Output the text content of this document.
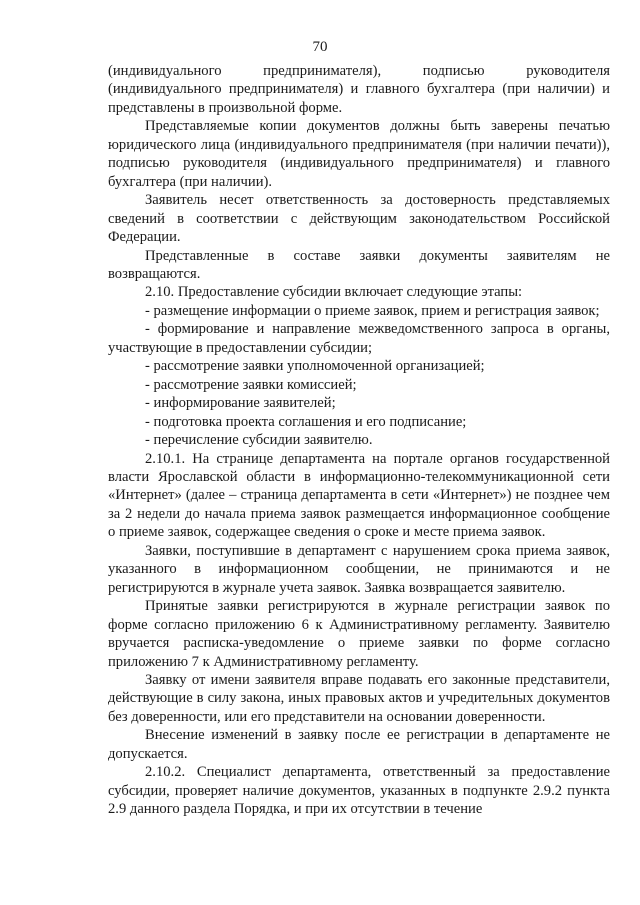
70

(индивидуального предпринимателя), подписью руководителя (индивидуального предпринимателя) и главного бухгалтера (при наличии) и представлены в произвольной форме.

Представляемые копии документов должны быть заверены печатью юридического лица (индивидуального предпринимателя (при наличии печати)), подписью руководителя (индивидуального предпринимателя) и главного бухгалтера (при наличии).

Заявитель несет ответственность за достоверность представляемых сведений в соответствии с действующим законодательством Российской Федерации.

Представленные в составе заявки документы заявителям не возвращаются.

2.10. Предоставление субсидии включает следующие этапы:

- размещение информации о приеме заявок, прием и регистрация заявок;

- формирование и направление межведомственного запроса в органы, участвующие в предоставлении субсидии;

- рассмотрение заявки уполномоченной организацией;

- рассмотрение заявки комиссией;

- информирование заявителей;

- подготовка проекта соглашения и его подписание;

- перечисление субсидии заявителю.

2.10.1. На странице департамента на портале органов государственной власти Ярославской области в информационно-телекоммуникационной сети «Интернет» (далее – страница департамента в сети «Интернет») не позднее чем за 2 недели до начала приема заявок размещается информационное сообщение о приеме заявок, содержащее сведения о сроке и месте приема заявок.

Заявки, поступившие в департамент с нарушением срока приема заявок, указанного в информационном сообщении, не принимаются и не регистрируются в журнале учета заявок. Заявка возвращается заявителю.

Принятые заявки регистрируются в журнале регистрации заявок по форме согласно приложению 6 к Административному регламенту. Заявителю вручается расписка-уведомление о приеме заявки по форме согласно приложению 7 к Административному регламенту.

Заявку от имени заявителя вправе подавать его законные представители, действующие в силу закона, иных правовых актов и учредительных документов без доверенности, или его представители на основании доверенности.

Внесение изменений в заявку после ее регистрации в департаменте не допускается.

2.10.2. Специалист департамента, ответственный за предоставление субсидии, проверяет наличие документов, указанных в подпункте 2.9.2 пункта 2.9 данного раздела Порядка, и при их отсутствии в течение
